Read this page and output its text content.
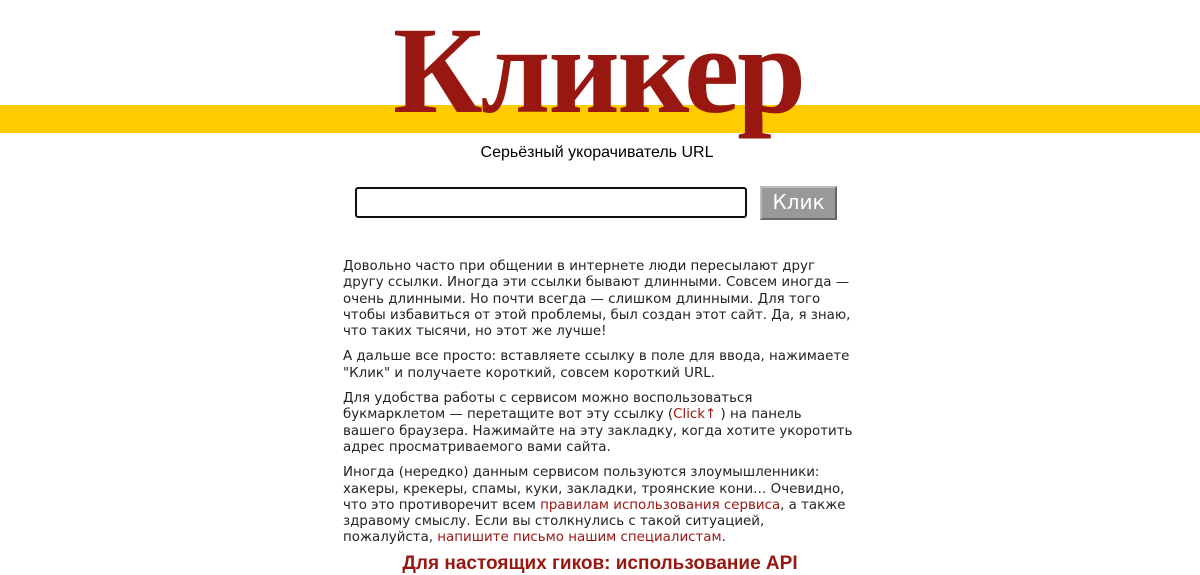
Кликер
Серьёзный укорачиватель URL
Клик

Довольно часто при общении в интернете люди пересылают друг другу ссылки. Иногда эти ссылки бывают длинными. Совсем иногда — очень длинными. Но почти всегда — слишком длинными. Для того чтобы избавиться от этой проблемы, был создан этот сайт. Да, я знаю, что таких тысячи, но этот же лучше!

А дальше все просто: вставляете ссылку в поле для ввода, нажимаете "Клик" и получаете короткий, совсем короткий URL.

Для удобства работы с сервисом можно воспользоваться букмарклетом — перетащите вот эту ссылку (Click↑ ) на панель вашего браузера. Нажимайте на эту закладку, когда хотите укоротить адрес просматриваемого вами сайта.

Иногда (нередко) данным сервисом пользуются злоумышленники: хакеры, крекеры, спамы, куки, закладки, троянские кони… Очевидно, что это противоречит всем правилам использования сервиса, а также здравому смыслу. Если вы столкнулись с такой ситуацией, пожалуйста, напишите письмо нашим специалистам.

Для настоящих гиков: использование API
